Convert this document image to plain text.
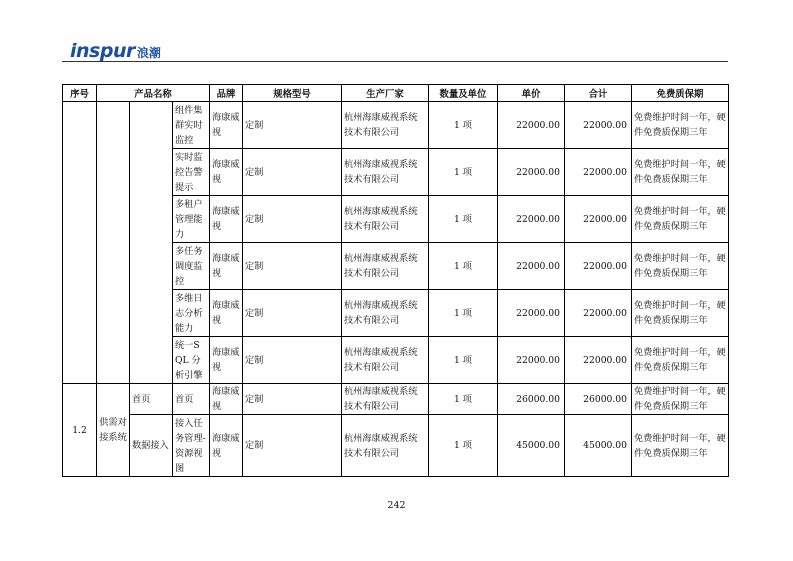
inspur 浪潮
序号	产品名称			品牌	规格型号	生产厂家	数量及单位	单价	合计	免费质保期
			组件集群实时监控	海康威视	定制	杭州海康威视系统技术有限公司	1 项	22000.00	22000.00	免费维护时间一年，硬件免费质保期三年
			实时监控告警提示	海康威视	定制	杭州海康威视系统技术有限公司	1 项	22000.00	22000.00	免费维护时间一年，硬件免费质保期三年
			多租户管理能力	海康威视	定制	杭州海康威视系统技术有限公司	1 项	22000.00	22000.00	免费维护时间一年，硬件免费质保期三年
			多任务调度监控	海康威视	定制	杭州海康威视系统技术有限公司	1 项	22000.00	22000.00	免费维护时间一年，硬件免费质保期三年
			多维日志分析能力	海康威视	定制	杭州海康威视系统技术有限公司	1 项	22000.00	22000.00	免费维护时间一年，硬件免费质保期三年
			统一SQL 分析引擎	海康威视	定制	杭州海康威视系统技术有限公司	1 项	22000.00	22000.00	免费维护时间一年，硬件免费质保期三年
1.2	供需对接系统	首页	首页	海康威视	定制	杭州海康威视系统技术有限公司	1 项	26000.00	26000.00	免费维护时间一年，硬件免费质保期三年
		数据接入	接入任务管理-资源视图	海康威视	定制	杭州海康威视系统技术有限公司	1 项	45000.00	45000.00	免费维护时间一年，硬件免费质保期三年
242
